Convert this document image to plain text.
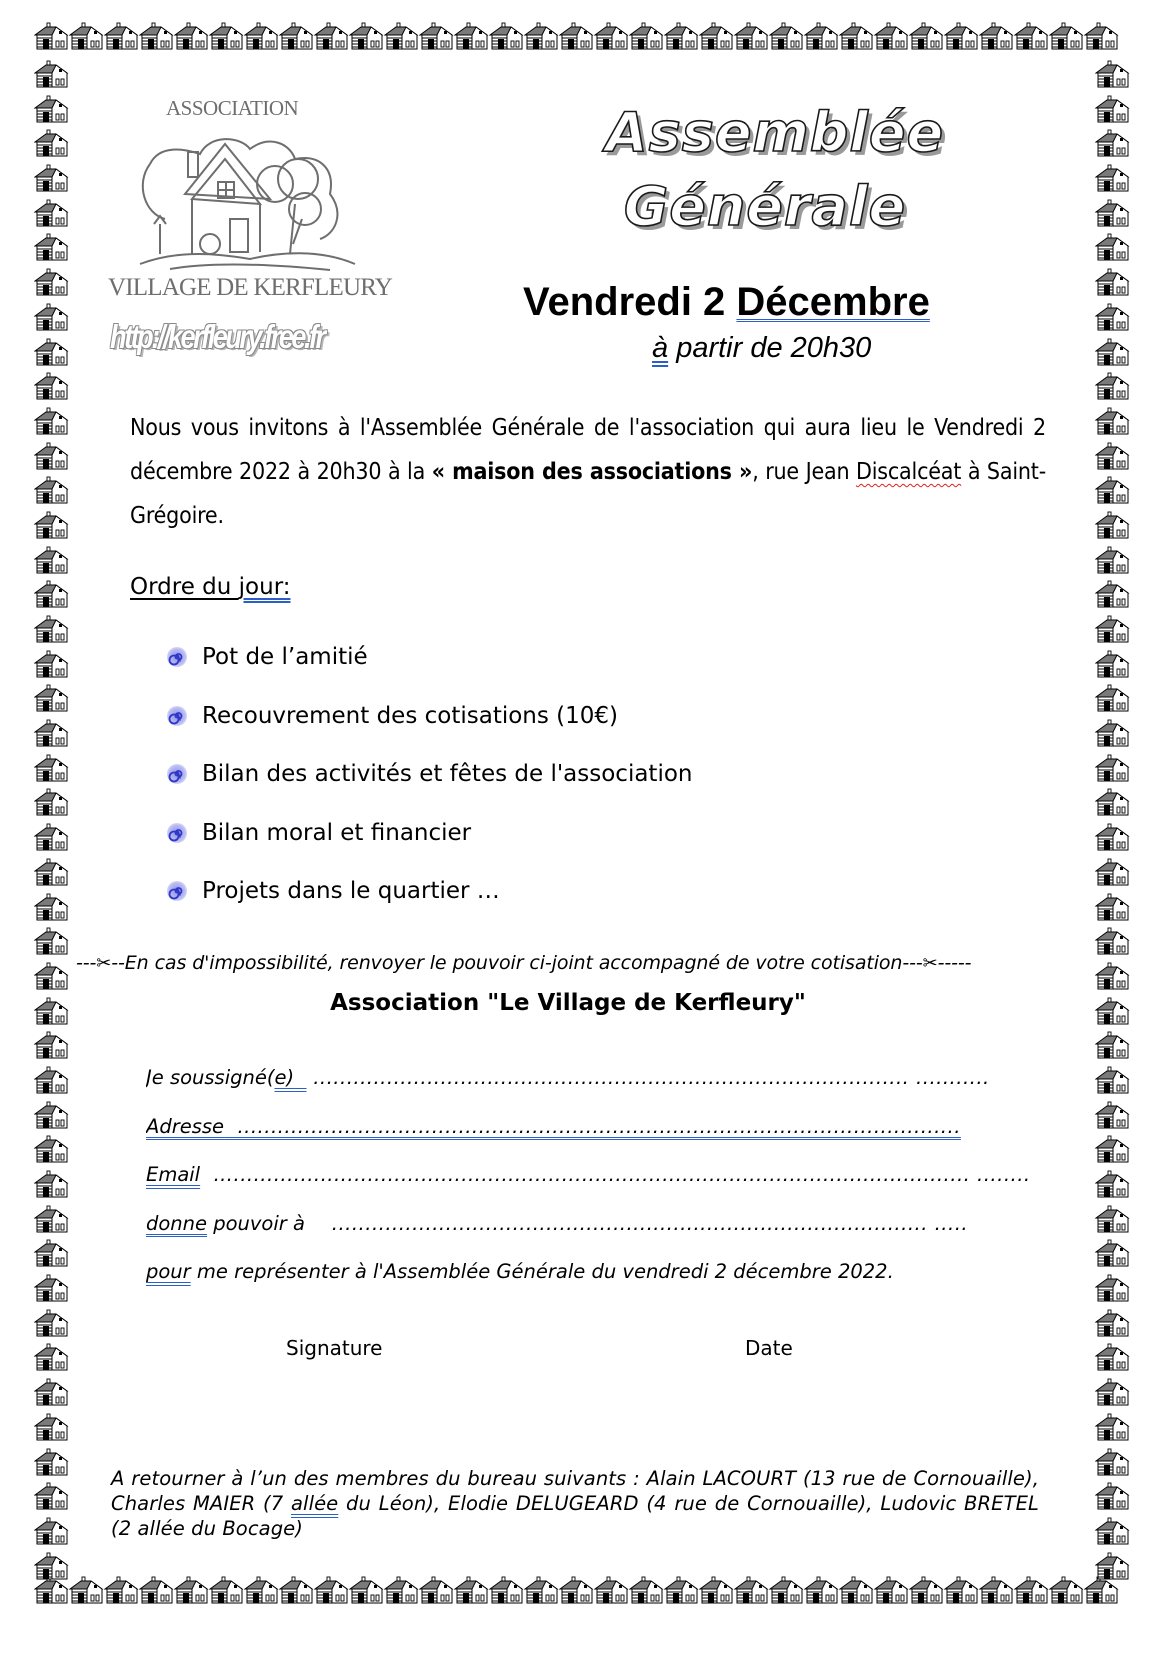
ASSOCIATION
VILLAGE DE KERFLEURY
http://kerfleury.free.fr
Assemblée
Générale
Vendredi 2 Décembre
à partir de 20h30

Nous vous invitons à l'Assemblée Générale de l'association qui aura lieu le Vendredi 2 décembre 2022 à 20h30 à la « maison des associations », rue Jean Discalcéat à Saint-Grégoire.

Ordre du jour:
Pot de l’amitié
Recouvrement des cotisations (10€)
Bilan des activités et fêtes de l'association
Bilan moral et financier
Projets dans le quartier …
---✂--En cas d'impossibilité, renvoyer le pouvoir ci-joint accompagné de votre cotisation---✂-----
Association "Le Village de Kerfleury"
Je soussigné(e)   ......................................................................................... ...........
Adresse  ............................................................................................................
Email  ….............................................................................................................. ........
donne pouvoir à    ......................................................................................... .....
pour me représenter à l'Assemblée Générale du vendredi 2 décembre 2022.
Signature	Date

A retourner à l’un des membres du bureau suivants : Alain LACOURT (13 rue de Cornouaille), Charles MAIER (7 allée du Léon), Elodie DELUGEARD (4 rue de Cornouaille), Ludovic BRETEL (2 allée du Bocage)
